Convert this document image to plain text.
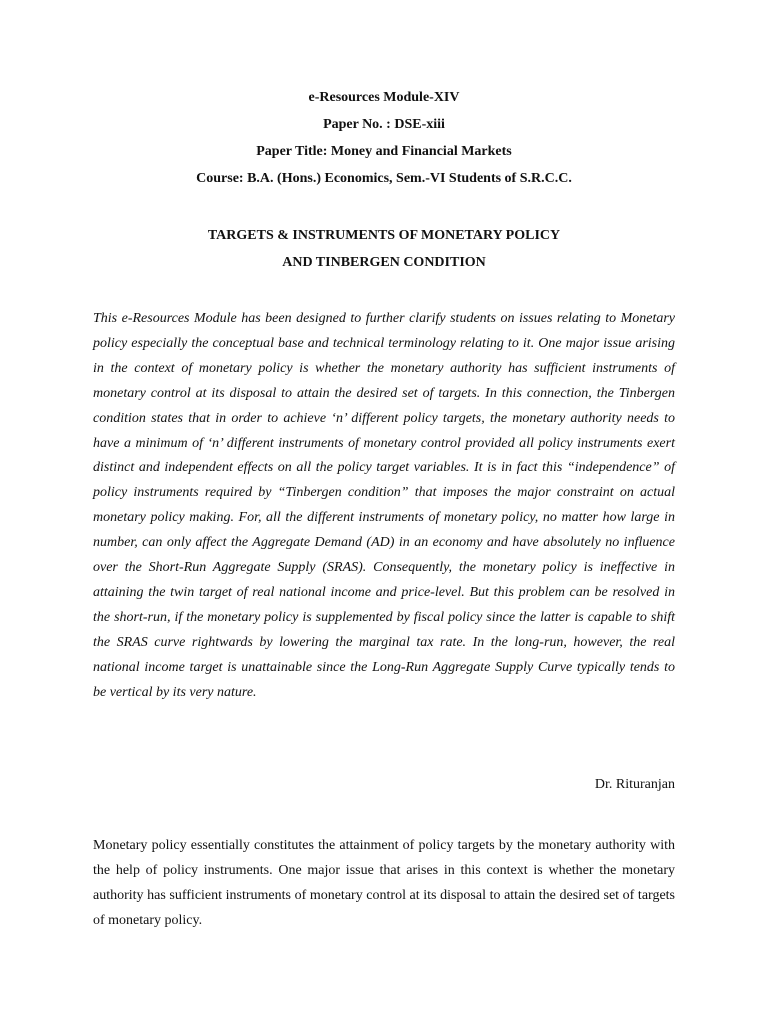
e-Resources Module-XIV
Paper No. : DSE-xiii
Paper Title: Money and Financial Markets
Course: B.A. (Hons.) Economics, Sem.-VI Students of S.R.C.C.
TARGETS & INSTRUMENTS OF MONETARY POLICY
AND TINBERGEN CONDITION

This e-Resources Module has been designed to further clarify students on issues relating to Monetary policy especially the conceptual base and technical terminology relating to it. One major issue arising in the context of monetary policy is whether the monetary authority has sufficient instruments of monetary control at its disposal to attain the desired set of targets. In this connection, the Tinbergen condition states that in order to achieve ‘n’ different policy targets, the monetary authority needs to have a minimum of ‘n’ different instruments of monetary control provided all policy instruments exert distinct and independent effects on all the policy target variables. It is in fact this “independence” of policy instruments required by “Tinbergen condition” that imposes the major constraint on actual monetary policy making. For, all the different instruments of monetary policy, no matter how large in number, can only affect the Aggregate Demand (AD) in an economy and have absolutely no influence over the Short-Run Aggregate Supply (SRAS). Consequently, the monetary policy is ineffective in attaining the twin target of real national income and price-level. But this problem can be resolved in the short-run, if the monetary policy is supplemented by fiscal policy since the latter is capable to shift the SRAS curve rightwards by lowering the marginal tax rate. In the long-run, however, the real national income target is unattainable since the Long-Run Aggregate Supply Curve typically tends to be vertical by its very nature.

Dr. Rituranjan

Monetary policy essentially constitutes the attainment of policy targets by the monetary authority with the help of policy instruments. One major issue that arises in this context is whether the monetary authority has sufficient instruments of monetary control at its disposal to attain the desired set of targets of monetary policy.
